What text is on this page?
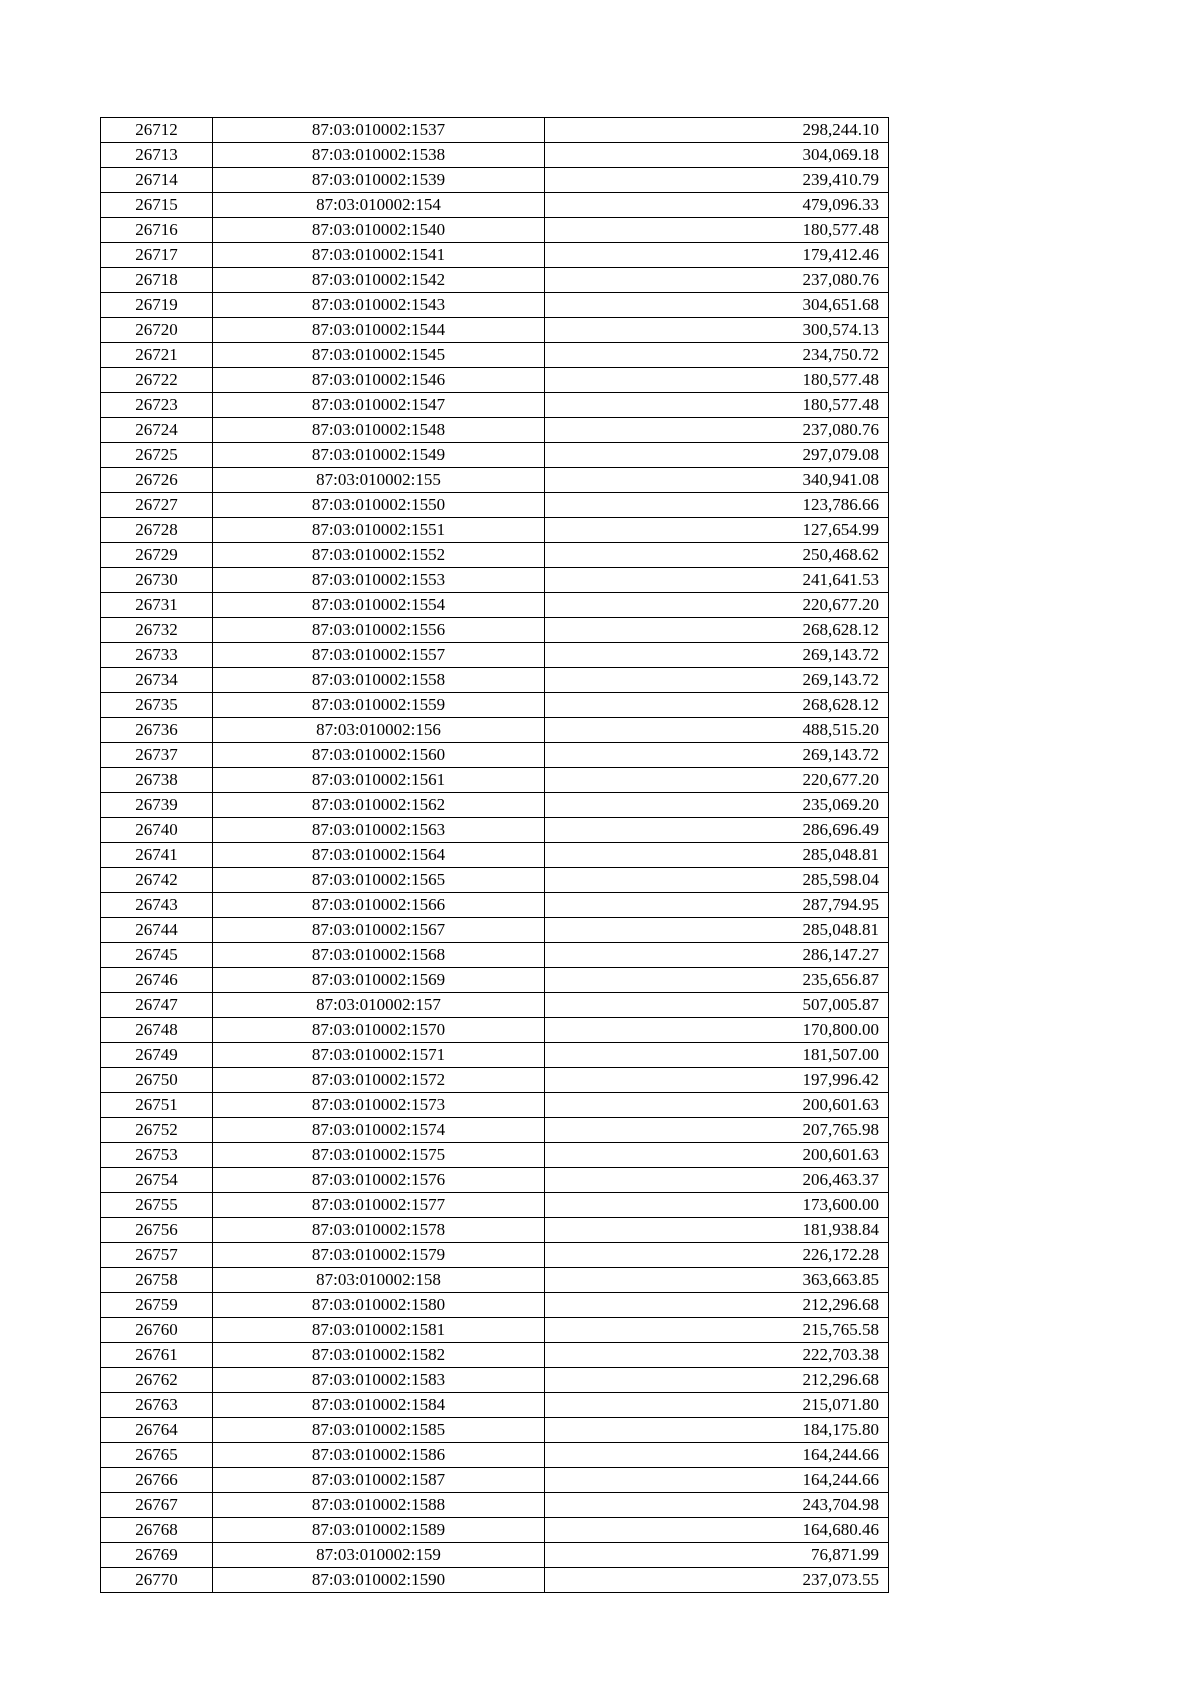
26712	87:03:010002:1537	298,244.10
26713	87:03:010002:1538	304,069.18
26714	87:03:010002:1539	239,410.79
26715	87:03:010002:154	479,096.33
26716	87:03:010002:1540	180,577.48
26717	87:03:010002:1541	179,412.46
26718	87:03:010002:1542	237,080.76
26719	87:03:010002:1543	304,651.68
26720	87:03:010002:1544	300,574.13
26721	87:03:010002:1545	234,750.72
26722	87:03:010002:1546	180,577.48
26723	87:03:010002:1547	180,577.48
26724	87:03:010002:1548	237,080.76
26725	87:03:010002:1549	297,079.08
26726	87:03:010002:155	340,941.08
26727	87:03:010002:1550	123,786.66
26728	87:03:010002:1551	127,654.99
26729	87:03:010002:1552	250,468.62
26730	87:03:010002:1553	241,641.53
26731	87:03:010002:1554	220,677.20
26732	87:03:010002:1556	268,628.12
26733	87:03:010002:1557	269,143.72
26734	87:03:010002:1558	269,143.72
26735	87:03:010002:1559	268,628.12
26736	87:03:010002:156	488,515.20
26737	87:03:010002:1560	269,143.72
26738	87:03:010002:1561	220,677.20
26739	87:03:010002:1562	235,069.20
26740	87:03:010002:1563	286,696.49
26741	87:03:010002:1564	285,048.81
26742	87:03:010002:1565	285,598.04
26743	87:03:010002:1566	287,794.95
26744	87:03:010002:1567	285,048.81
26745	87:03:010002:1568	286,147.27
26746	87:03:010002:1569	235,656.87
26747	87:03:010002:157	507,005.87
26748	87:03:010002:1570	170,800.00
26749	87:03:010002:1571	181,507.00
26750	87:03:010002:1572	197,996.42
26751	87:03:010002:1573	200,601.63
26752	87:03:010002:1574	207,765.98
26753	87:03:010002:1575	200,601.63
26754	87:03:010002:1576	206,463.37
26755	87:03:010002:1577	173,600.00
26756	87:03:010002:1578	181,938.84
26757	87:03:010002:1579	226,172.28
26758	87:03:010002:158	363,663.85
26759	87:03:010002:1580	212,296.68
26760	87:03:010002:1581	215,765.58
26761	87:03:010002:1582	222,703.38
26762	87:03:010002:1583	212,296.68
26763	87:03:010002:1584	215,071.80
26764	87:03:010002:1585	184,175.80
26765	87:03:010002:1586	164,244.66
26766	87:03:010002:1587	164,244.66
26767	87:03:010002:1588	243,704.98
26768	87:03:010002:1589	164,680.46
26769	87:03:010002:159	76,871.99
26770	87:03:010002:1590	237,073.55
